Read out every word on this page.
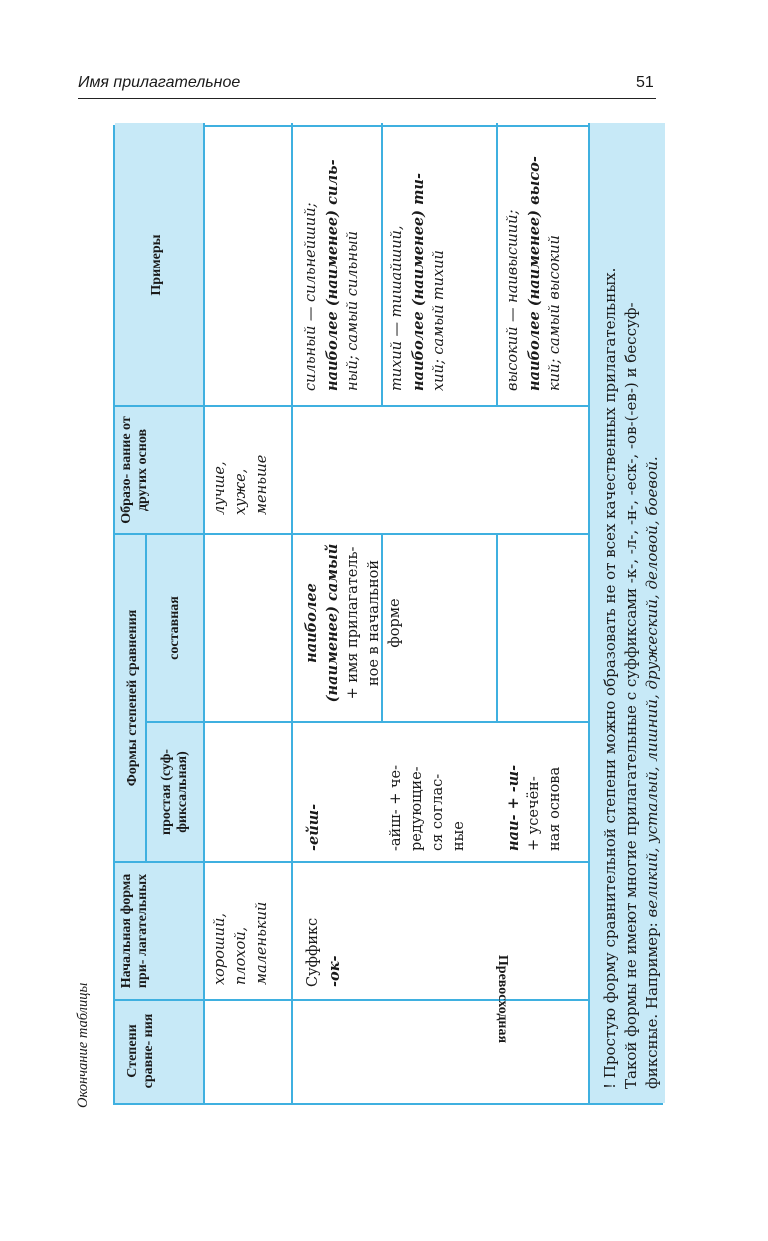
Имя прилагательное	51
Окончание таблицы Степени сравне- ния
Начальная форма при- лагательных
Формы степеней сравнения
простая (суф- фиксальная)
составная
Образо- вание от других основ
Примеры
хороший, плохой, маленький
лучше, хуже, меньше
Превосходная
Суффикс -ок-
-ейш-
наиболее (наименее) самый + имя прилагатель- ное в начальной форме
сильный — сильнейший; наиболее (наименее) силь- ный; самый сильный
-айш- + че- редующие- ся соглас- ные
тихий — тишайший, наиболее (наименее) ти- хий; самый тихий
наи- + -ш- + усечён- ная основа
высокий — наивысший; наиболее (наименее) высо- кий; самый высокий	! Простую форму сравнительной степени можно образовать не от всех качественных прилагательных. Такой формы не имеют многие прилагательные с суффиксами -к-, -л-, -н-, -еск-, -ов-(-ев-) и бессуф- фиксные. Например: великий, усталый, лишний, дружеский, деловой, боевой.
